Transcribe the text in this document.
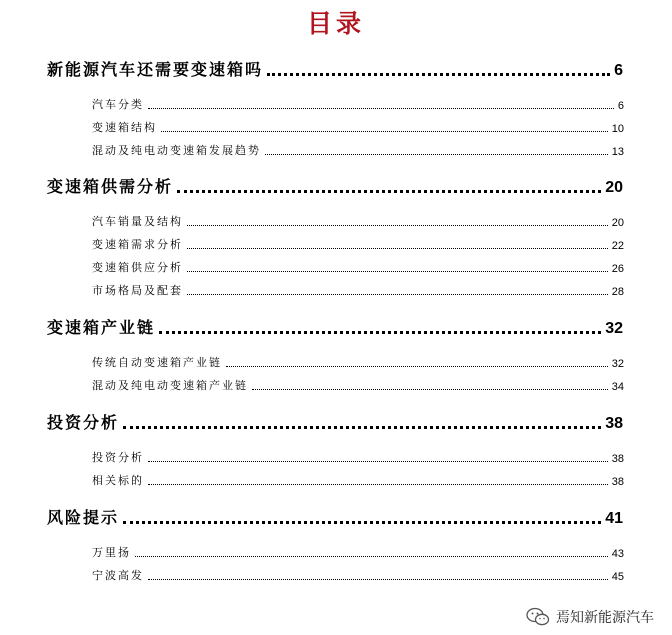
目录
新能源汽车还需要变速箱吗	6
汽车分类	6
变速箱结构	10
混动及纯电动变速箱发展趋势	13
变速箱供需分析	20
汽车销量及结构	20
变速箱需求分析	22
变速箱供应分析	26
市场格局及配套	28
变速箱产业链	32
传统自动变速箱产业链	32
混动及纯电动变速箱产业链	34
投资分析	38
投资分析	38
相关标的	38
风险提示	41
万里扬	43
宁波高发	45
焉知新能源汽车
